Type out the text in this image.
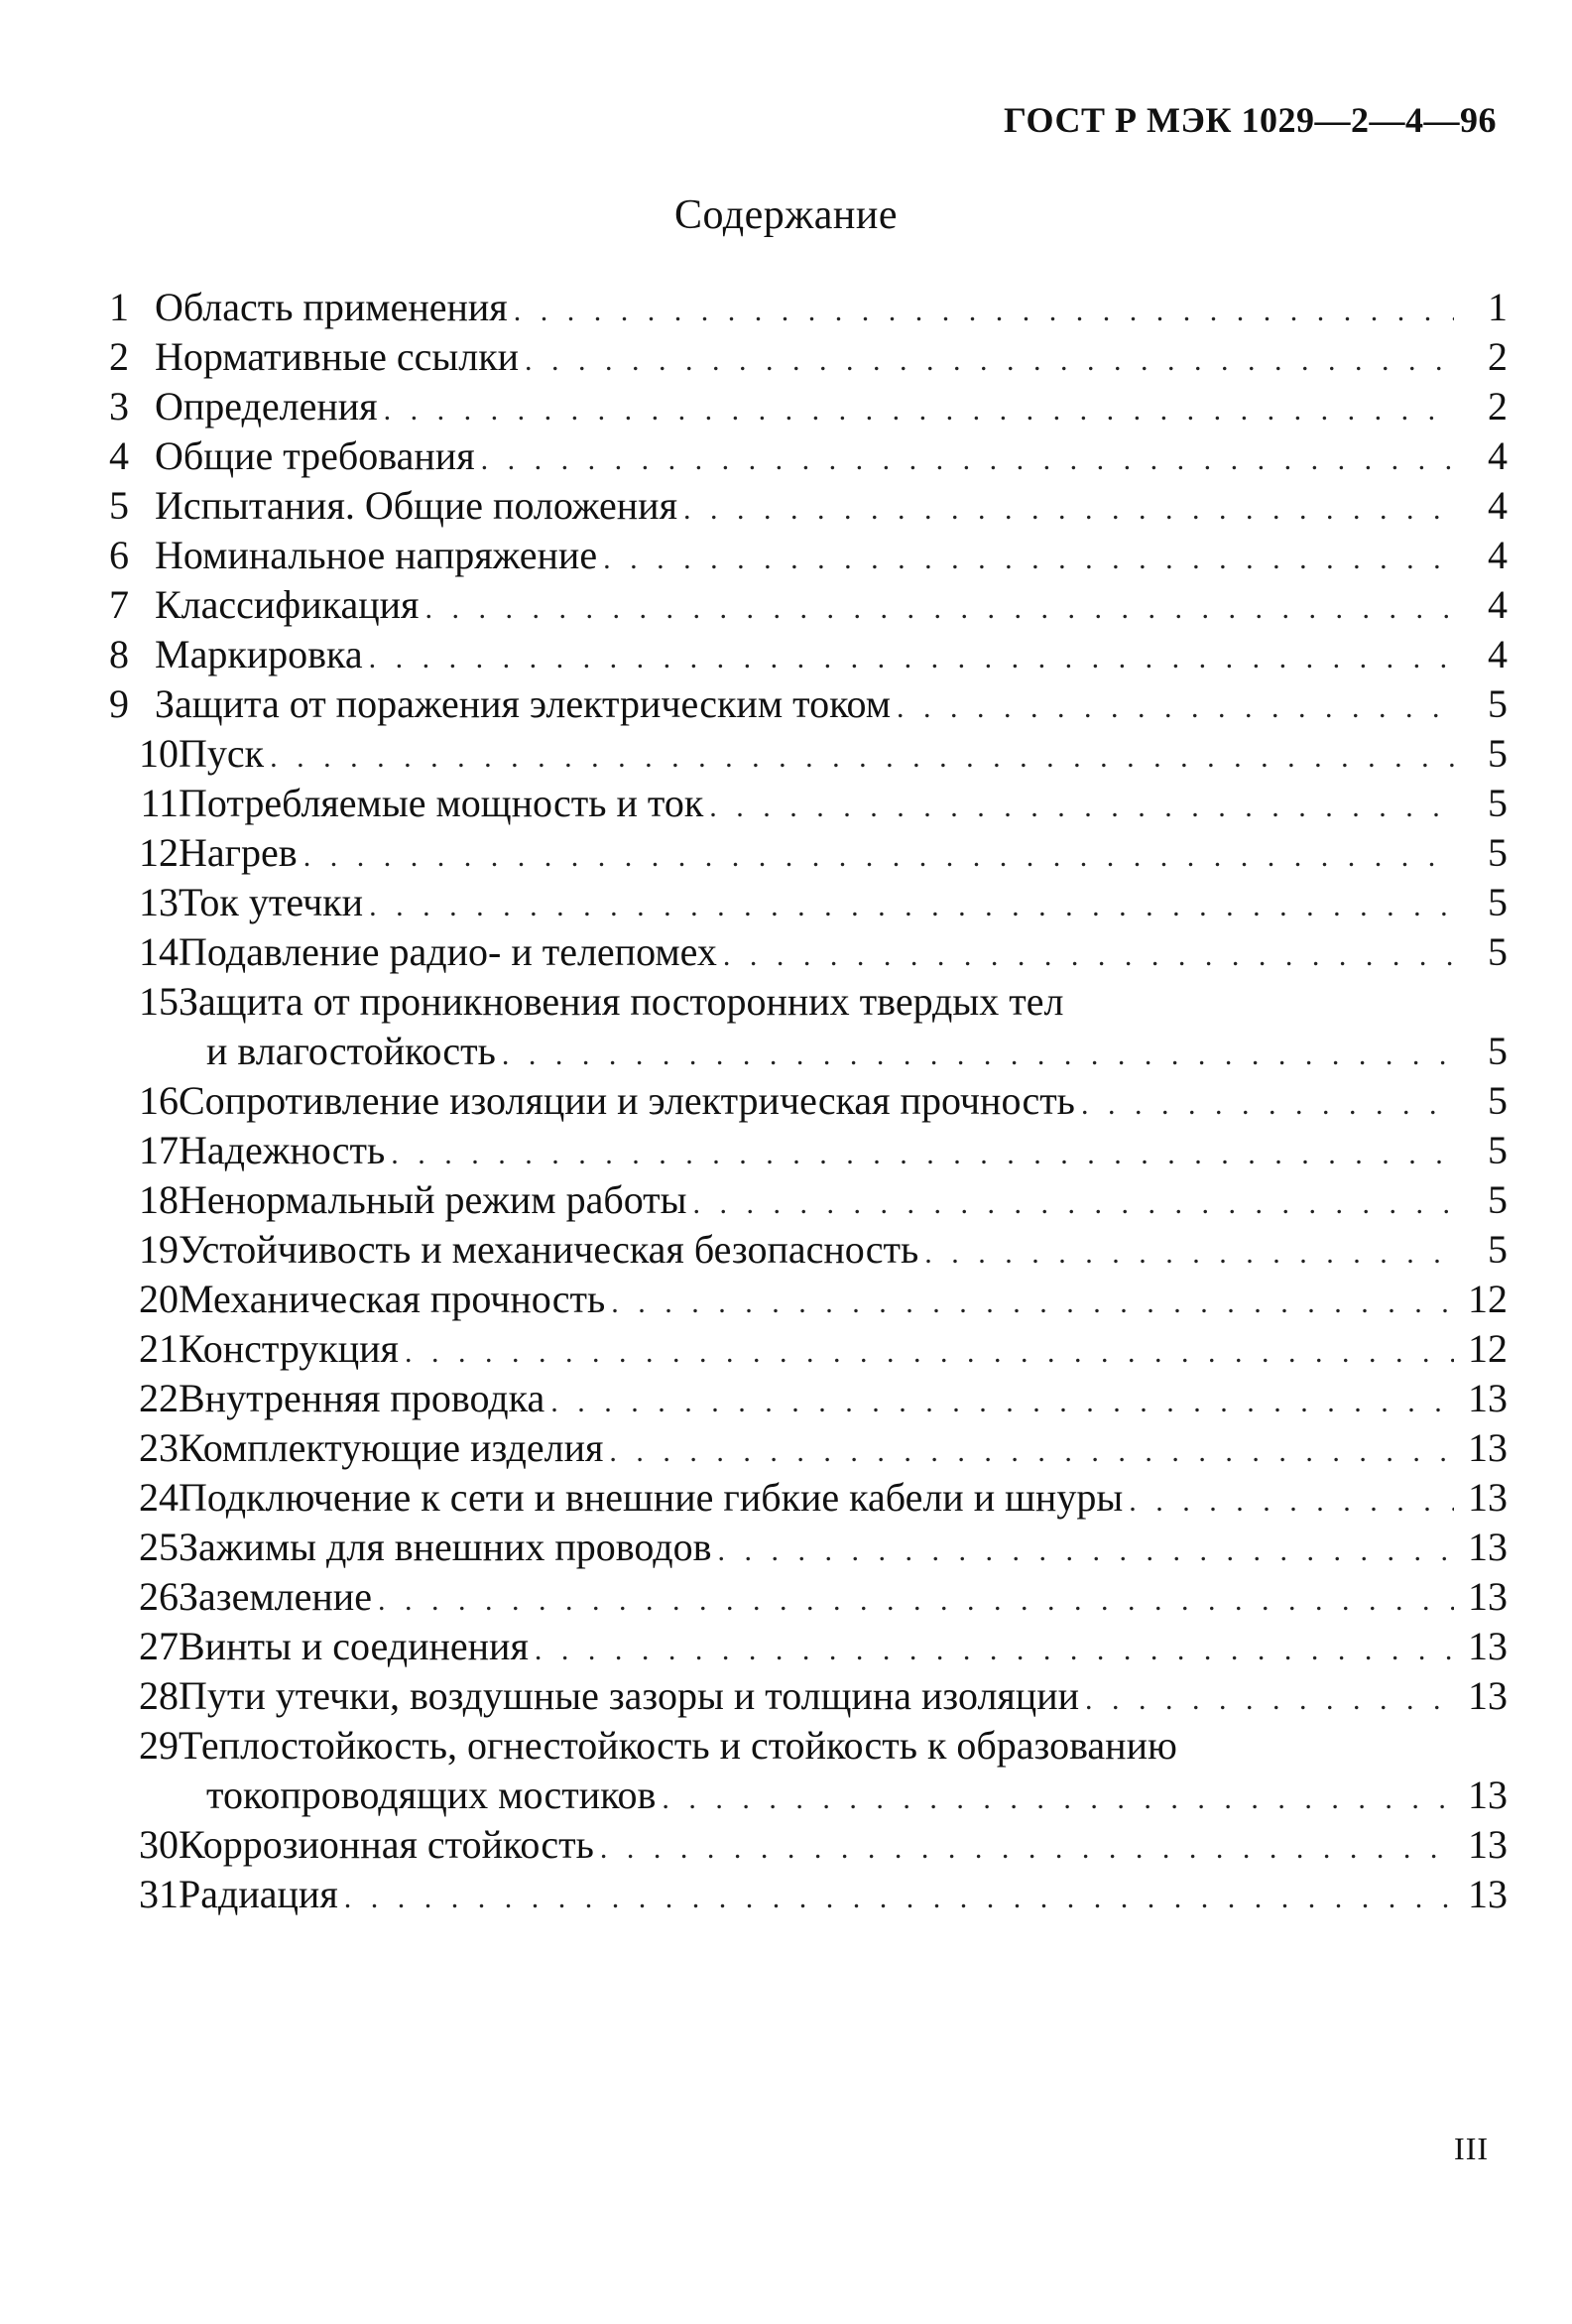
ГОСТ Р МЭК 1029—2—4—96
Содержание
1 Область применения . . .	1
2 Нормативные ссылки . . .	2
3 Определения . . .	2
4 Общие требования . . .	4
5 Испытания. Общие положения . . .	4
6 Номинальное напряжение . . .	4
7 Классификация . . .	4
8 Маркировка . . .	4
9 Защита от поражения электрическим током . . .	5
10 Пуск . . .	5
11 Потребляемые мощность и ток . . .	5
12 Нагрев . . .	5
13 Ток утечки . . .	5
14 Подавление радио- и телепомех . . .	5
15 Защита от проникновения посторонних твердых тел
и влагостойкость . . .	5
16 Сопротивление изоляции и электрическая прочность . . .	5
17 Надежность . . .	5
18 Ненормальный режим работы . . .	5
19 Устойчивость и механическая безопасность . . .	5
20 Механическая прочность . . .	12
21 Конструкция . . .	12
22 Внутренняя проводка . . .	13
23 Комплектующие изделия . . .	13
24 Подключение к сети и внешние гибкие кабели и шнуры . . .	13
25 Зажимы для внешних проводов . . .	13
26 Заземление . . .	13
27 Винты и соединения . . .	13
28 Пути утечки, воздушные зазоры и толщина изоляции . . .	13
29 Теплостойкость, огнестойкость и стойкость к образованию
токопроводящих мостиков . . .	13
30 Коррозионная стойкость . . .	13
31 Радиация . . .	13
III
